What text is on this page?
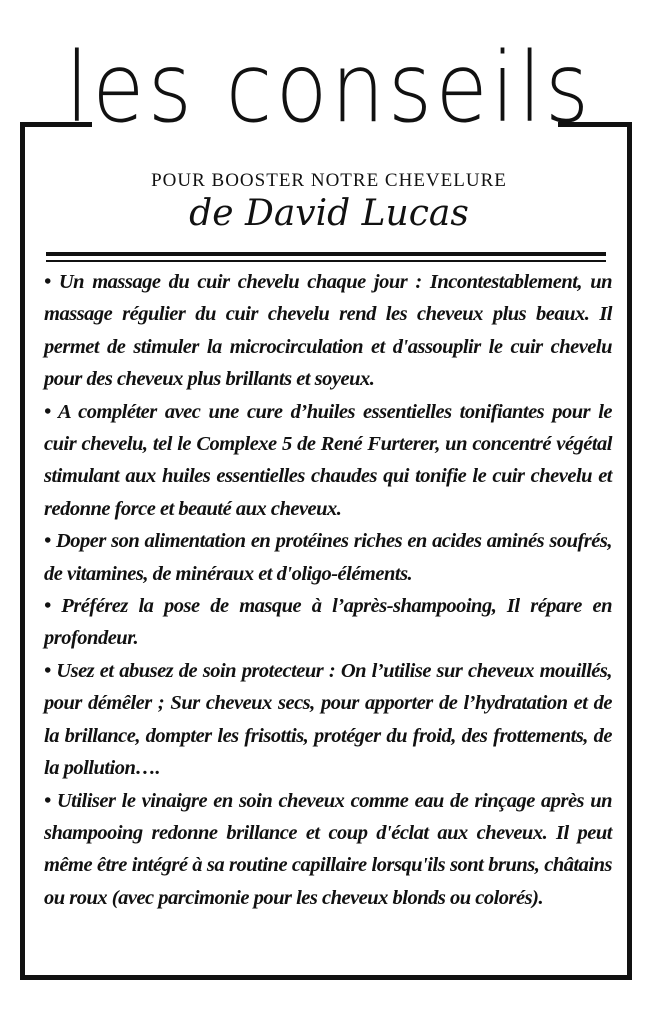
les conseils
POUR BOOSTER NOTRE CHEVELURE
de David Lucas

• Un massage du cuir chevelu chaque jour : Incontestablement, un massage régulier du cuir chevelu rend les cheveux plus beaux. Il permet de stimuler la microcirculation et d'assouplir le cuir chevelu pour des cheveux plus brillants et soyeux.

• A compléter avec une cure d’huiles essentielles tonifiantes pour le cuir chevelu, tel le Complexe 5 de René Furterer, un concentré végétal stimulant aux huiles essentielles chaudes qui tonifie le cuir chevelu et redonne force et beauté aux cheveux.

• Doper son alimentation en protéines riches en acides aminés soufrés, de vitamines, de minéraux et d'oligo-éléments.

• Préférez la pose de masque à l’après-shampooing, Il répare en profondeur.

• Usez et abusez de soin protecteur : On l’utilise sur cheveux mouillés, pour démêler ; Sur cheveux secs, pour apporter de l’hydratation et de la brillance, dompter les frisottis, protéger du froid, des frottements, de la pollution….

• Utiliser le vinaigre en soin cheveux comme eau de rinçage après un shampooing redonne brillance et coup d'éclat aux cheveux. Il peut même être intégré à sa routine capillaire lorsqu'ils sont bruns, châtains ou roux (avec parcimonie pour les cheveux blonds ou colorés).
